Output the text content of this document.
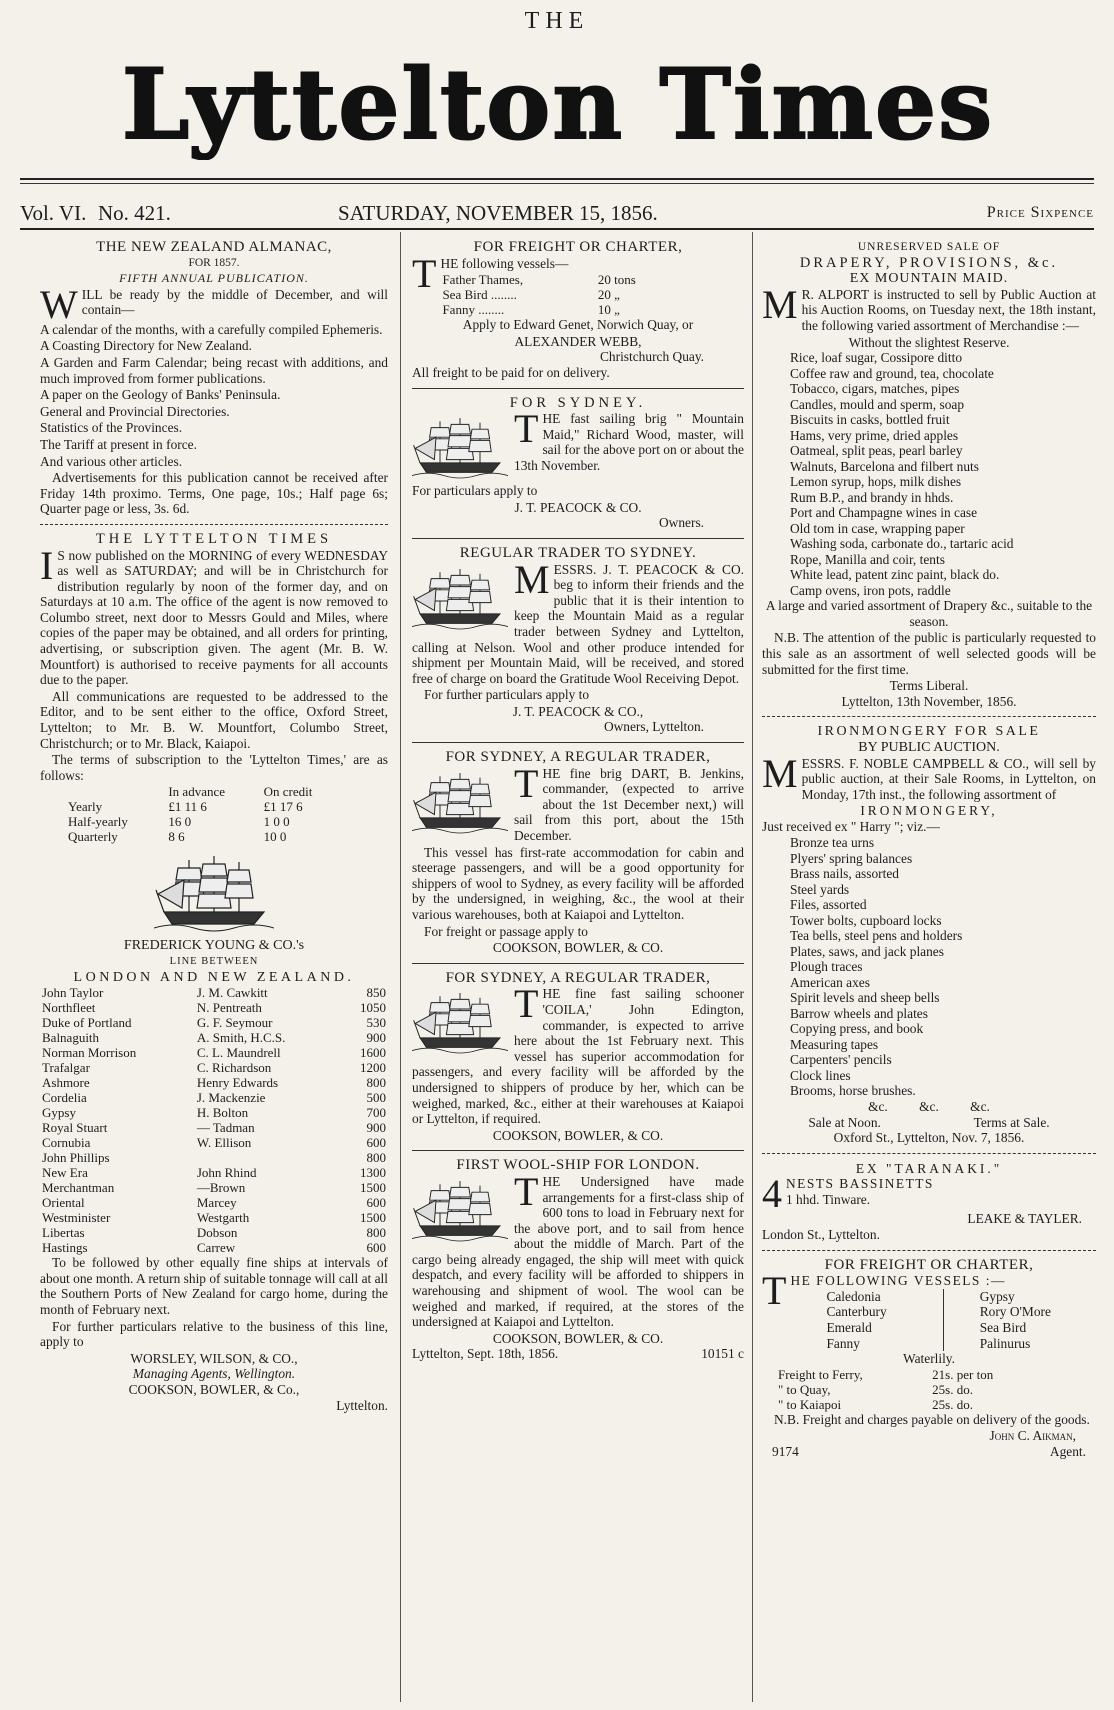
THE
Lyttelton Times
Vol. VI. No. 421.	SATURDAY, NOVEMBER 15, 1856.	Price Sixpence
THE NEW ZEALAND ALMANAC,
FOR 1857.
FIFTH ANNUAL PUBLICATION.
W ILL be ready by the middle of December, and will contain—

A calendar of the months, with a carefully compiled Ephemeris.

A Coasting Directory for New Zealand.

A Garden and Farm Calendar; being recast with additions, and much improved from former publications.

A paper on the Geology of Banks' Peninsula.

General and Provincial Directories.

Statistics of the Provinces.

The Tariff at present in force.

And various other articles.

Advertisements for this publication cannot be received after Friday 14th proximo. Terms, One page, 10s.; Half page 6s; Quarter page or less, 3s. 6d.

THE LYTTELTON TIMES
I S now published on the MORNING of every WEDNESDAY as well as SATURDAY; and will be in Christchurch for distribution regularly by noon of the former day, and on Saturdays at 10 a.m. The office of the agent is now removed to Columbo street, next door to Messrs Gould and Miles, where copies of the paper may be obtained, and all orders for printing, advertising, or subscription given. The agent (Mr. B. W. Mountfort) is authorised to receive payments for all accounts due to the paper.

All communications are requested to be addressed to the Editor, and to be sent either to the office, Oxford Street, Lyttelton; to Mr. B. W. Mountfort, Columbo Street, Christchurch; or to Mr. Black, Kaiapoi.

The terms of subscription to the 'Lyttelton Times,' are as follows:

	In advance	On credit
Yearly	£1 11 6	£1 17 6
Half-yearly	16 0	1 0 0
Quarterly	8 6	10 0
FREDERICK YOUNG & CO.'s
LINE BETWEEN
LONDON AND NEW ZEALAND.
John Taylor	J. M. Cawkitt	850
Northfleet	N. Pentreath	1050
Duke of Portland	G. F. Seymour	530
Balnaguith	A. Smith, H.C.S.	900
Norman Morrison	C. L. Maundrell	1600
Trafalgar	C. Richardson	1200
Ashmore	Henry Edwards	800
Cordelia	J. Mackenzie	500
Gypsy	H. Bolton	700
Royal Stuart	— Tadman	900
Cornubia	W. Ellison	600
John Phillips		800
New Era	John Rhind	1300
Merchantman	—Brown	1500
Oriental	Marcey	600
Westminister	Westgarth	1500
Libertas	Dobson	800
Hastings	Carrew	600

To be followed by other equally fine ships at intervals of about one month. A return ship of suitable tonnage will call at all the Southern Ports of New Zealand for cargo home, during the month of February next.

For further particulars relative to the business of this line, apply to

WORSLEY, WILSON, & CO.,
Managing Agents, Wellington.
COOKSON, BOWLER, & Co.,
Lyttelton.
FOR FREIGHT OR CHARTER,
T HE following vessels—

Father Thames,	20 tons
Sea Bird ........	20 „
Fanny ........	10 „

Apply to Edward Genet, Norwich Quay, or

ALEXANDER WEBB,
Christchurch Quay.

All freight to be paid for on delivery.

FOR SYDNEY.
T HE fast sailing brig " Mountain Maid," Richard Wood, master, will sail for the above port on or about the 13th November.

For particulars apply to

J. T. PEACOCK & CO.
Owners.
REGULAR TRADER TO SYDNEY.
M ESSRS. J. T. PEACOCK & CO. beg to inform their friends and the public that it is their intention to keep the Mountain Maid as a regular trader between Sydney and Lyttelton, calling at Nelson. Wool and other produce intended for shipment per Mountain Maid, will be received, and stored free of charge on board the Gratitude Wool Receiving Depot.

For further particulars apply to

J. T. PEACOCK & CO.,
Owners, Lyttelton.
FOR SYDNEY, A REGULAR TRADER,
T HE fine brig DART, B. Jenkins, commander, (expected to arrive about the 1st December next,) will sail from this port, about the 15th December.

This vessel has first-rate accommodation for cabin and steerage passengers, and will be a good opportunity for shippers of wool to Sydney, as every facility will be afforded by the undersigned, in weighing, &c., the wool at their various warehouses, both at Kaiapoi and Lyttelton.

For freight or passage apply to

COOKSON, BOWLER, & CO.
FOR SYDNEY, A REGULAR TRADER,
T HE fine fast sailing schooner 'COILA,' John Edington, commander, is expected to arrive here about the 1st February next. This vessel has superior accommodation for passengers, and every facility will be afforded by the undersigned to shippers of produce by her, which can be weighed, marked, &c., either at their warehouses at Kaiapoi or Lyttelton, if required.

COOKSON, BOWLER, & CO.
FIRST WOOL-SHIP FOR LONDON.
T HE Undersigned have made arrangements for a first-class ship of 600 tons to load in February next for the above port, and to sail from hence about the middle of March. Part of the cargo being already engaged, the ship will meet with quick despatch, and every facility will be afforded to shippers in warehousing and shipment of wool. The wool can be weighed and marked, if required, at the stores of the undersigned at Kaiapoi and Lyttelton.

COOKSON, BOWLER, & CO.
Lyttelton, Sept. 18th, 1856.	10151 c
UNRESERVED SALE OF
DRAPERY, PROVISIONS, &c.
EX MOUNTAIN MAID.
M R. ALPORT is instructed to sell by Public Auction at his Auction Rooms, on Tuesday next, the 18th instant, the following varied assortment of Merchandise :—

Without the slightest Reserve.
Rice, loaf sugar, Cossipore ditto
Coffee raw and ground, tea, chocolate
Tobacco, cigars, matches, pipes
Candles, mould and sperm, soap
Biscuits in casks, bottled fruit
Hams, very prime, dried apples
Oatmeal, split peas, pearl barley
Walnuts, Barcelona and filbert nuts
Lemon syrup, hops, milk dishes
Rum B.P., and brandy in hhds.
Port and Champagne wines in case
Old tom in case, wrapping paper
Washing soda, carbonate do., tartaric acid
Rope, Manilla and coir, tents
White lead, patent zinc paint, black do.
Camp ovens, iron pots, raddle

A large and varied assortment of Drapery &c., suitable to the season.

N.B. The attention of the public is particularly requested to this sale as an assortment of well selected goods will be submitted for the first time.

Terms Liberal.
Lyttelton, 13th November, 1856.
IRONMONGERY FOR SALE
BY PUBLIC AUCTION.
M ESSRS. F. NOBLE CAMPBELL & CO., will sell by public auction, at their Sale Rooms, in Lyttelton, on Monday, 17th inst., the following assortment of

IRONMONGERY,

Just received ex " Harry "; viz.—

Bronze tea urns
Plyers' spring balances
Brass nails, assorted
Steel yards
Files, assorted
Tower bolts, cupboard locks
Tea bells, steel pens and holders
Plates, saws, and jack planes
Plough traces
American axes
Spirit levels and sheep bells
Barrow wheels and plates
Copying press, and book
Measuring tapes
Carpenters' pencils
Clock lines
Brooms, horse brushes.
&c. &c. &c.
Sale at Noon.	Terms at Sale.
Oxford St., Lyttelton, Nov. 7, 1856.
EX "TARANAKI."
4 NESTS BASSINETTS
1 hhd. Tinware.
LEAKE & TAYLER.
London St., Lyttelton.
FOR FREIGHT OR CHARTER,
T HE FOLLOWING VESSELS :—
Caledonia
Canterbury
Emerald
Fanny
Gypsy
Rory O'More
Sea Bird
Palinurus
Waterlily.
Freight to Ferry,	21s. per ton
" to Quay,	25s. do.
" to Kaiapoi	25s. do.

N.B. Freight and charges payable on delivery of the goods.

John C. Aikman,
9174	Agent.
